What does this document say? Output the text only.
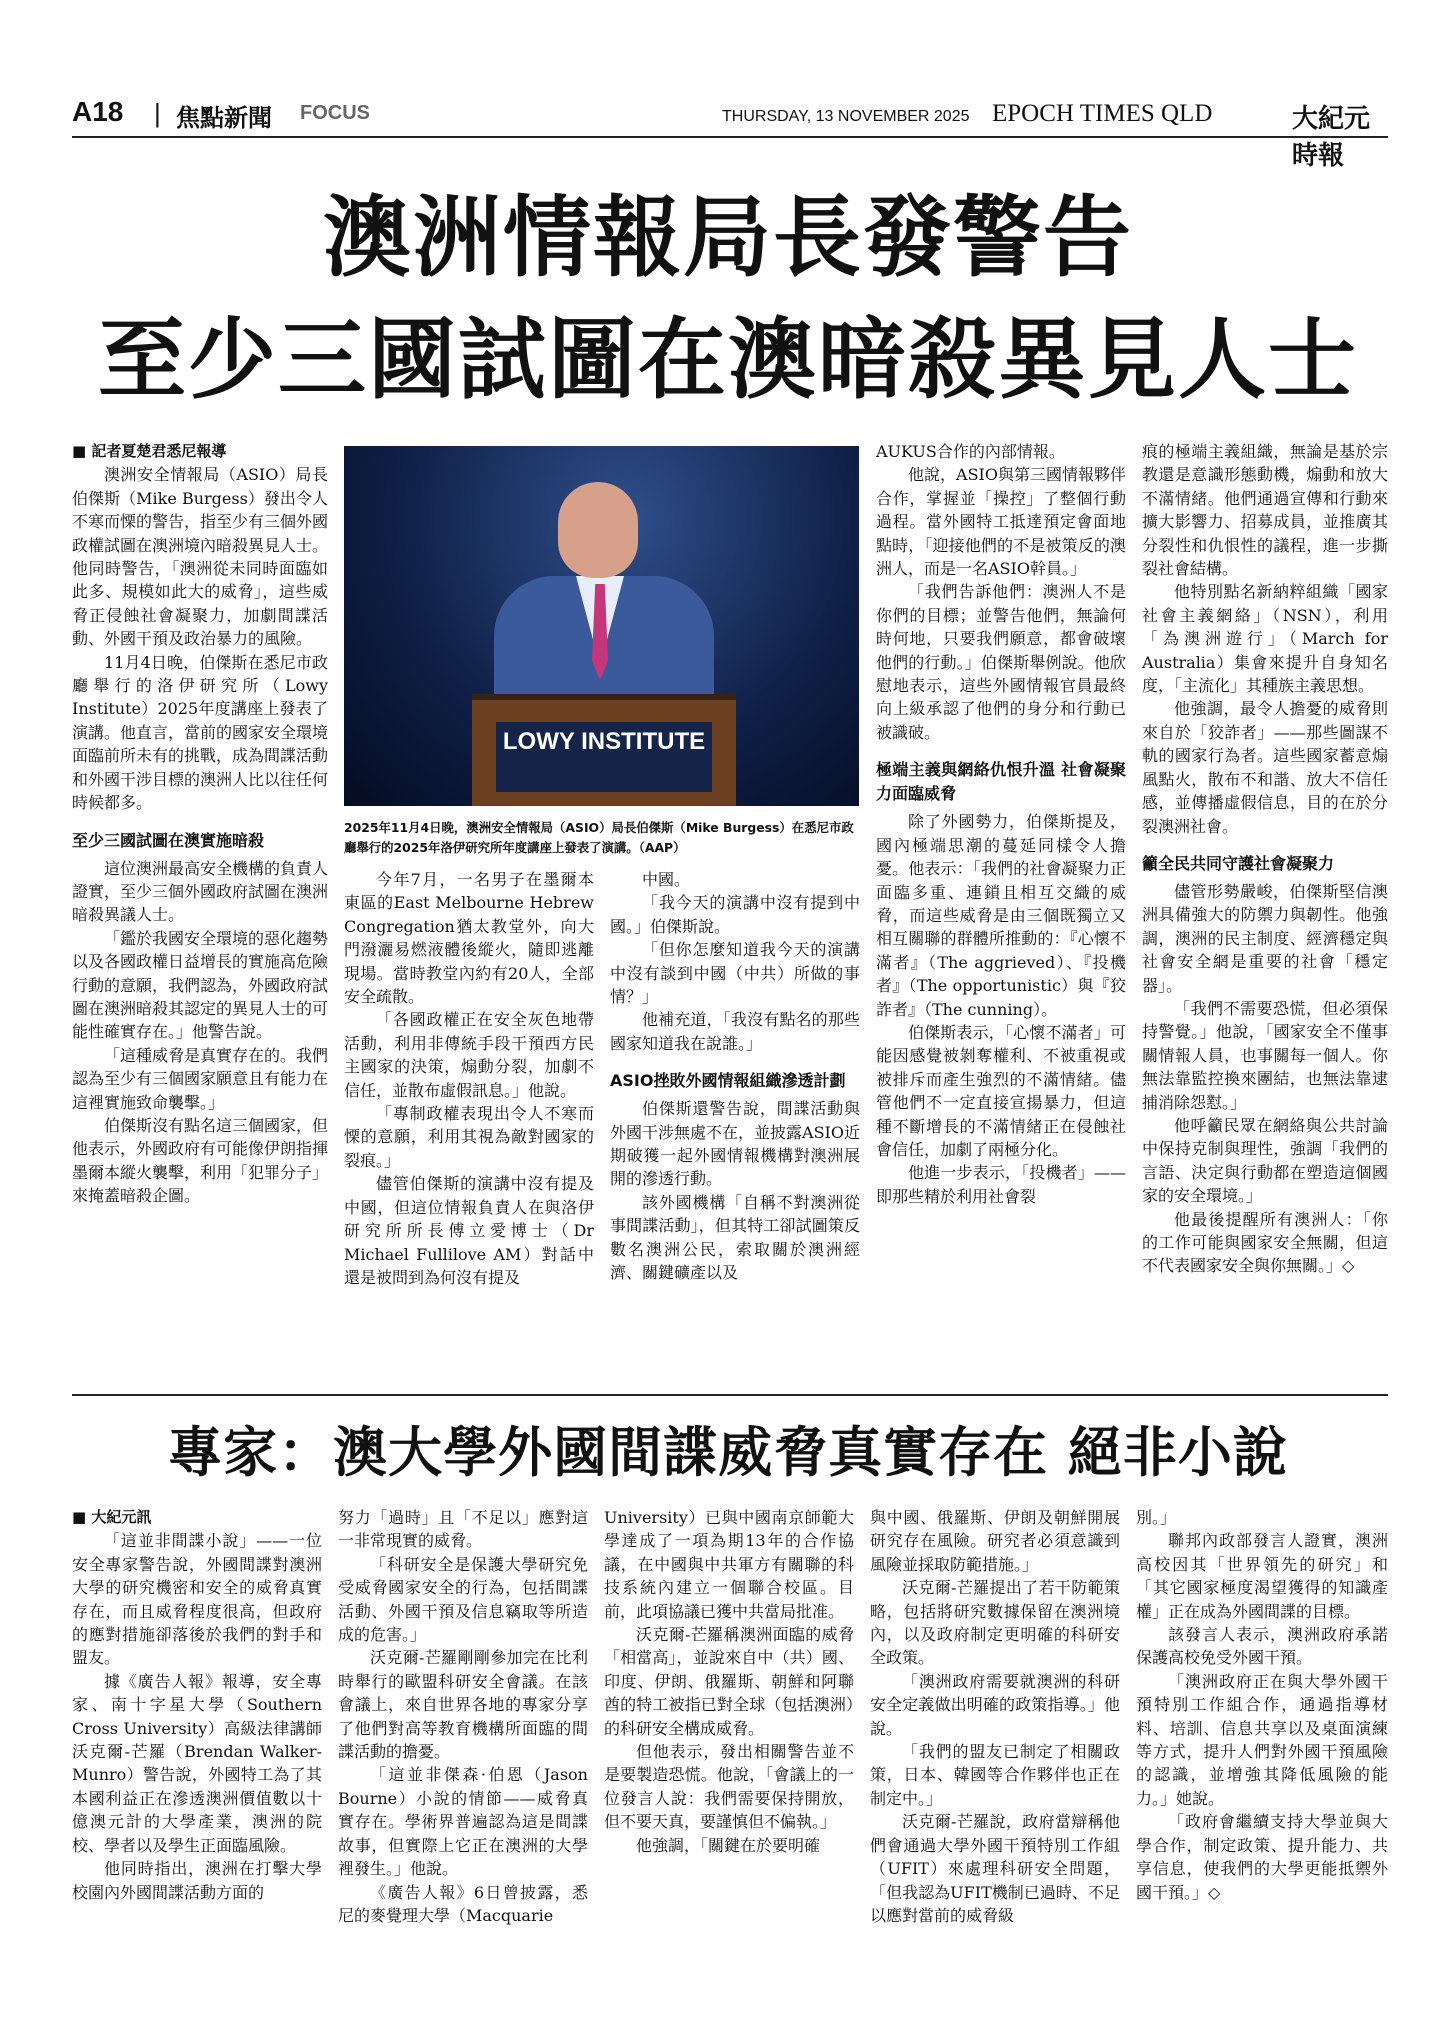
A18 | 焦點新聞 FOCUS	THURSDAY, 13 NOVEMBER 2025 EPOCH TIMES QLD	大紀元時報
澳洲情報局長發警告
至少三國試圖在澳暗殺異見人士

■ 記者夏楚君悉尼報導

澳洲安全情報局（ASIO）局長伯傑斯（Mike Burgess）發出令人不寒而慄的警告，指至少有三個外國政權試圖在澳洲境內暗殺異見人士。他同時警告，「澳洲從未同時面臨如此多、規模如此大的威脅」，這些威脅正侵蝕社會凝聚力，加劇間諜活動、外國干預及政治暴力的風險。

11月4日晚，伯傑斯在悉尼市政廳舉行的洛伊研究所（Lowy Institute）2025年度講座上發表了演講。他直言，當前的國家安全環境面臨前所未有的挑戰，成為間諜活動和外國干涉目標的澳洲人比以往任何時候都多。

至少三國試圖在澳實施暗殺

這位澳洲最高安全機構的負責人證實，至少三個外國政府試圖在澳洲暗殺異議人士。

「鑑於我國安全環境的惡化趨勢以及各國政權日益增長的實施高危險行動的意願，我們認為，外國政府試圖在澳洲暗殺其認定的異見人士的可能性確實存在。」他警告說。

「這種威脅是真實存在的。我們認為至少有三個國家願意且有能力在這裡實施致命襲擊。」

伯傑斯沒有點名這三個國家，但他表示，外國政府有可能像伊朗指揮墨爾本縱火襲擊，利用「犯罪分子」來掩蓋暗殺企圖。

LOWY INSTITUTE
2025年11月4日晚，澳洲安全情報局（ASIO）局長伯傑斯（Mike Burgess）在悉尼市政廳舉行的2025年洛伊研究所年度講座上發表了演講。（AAP）

今年7月，一名男子在墨爾本東區的East Melbourne Hebrew Congregation猶太教堂外，向大門潑灑易燃液體後縱火，隨即逃離現場。當時教堂內約有20人，全部安全疏散。

「各國政權正在安全灰色地帶活動，利用非傳統手段干預西方民主國家的決策，煽動分裂，加劇不信任，並散布虛假訊息。」他說。

「專制政權表現出令人不寒而慄的意願，利用其視為敵對國家的裂痕。」

儘管伯傑斯的演講中沒有提及中國，但這位情報負責人在與洛伊研究所所長傅立愛博士（Dr Michael Fullilove AM）對話中還是被問到為何沒有提及

中國。

「我今天的演講中沒有提到中國。」伯傑斯說。

「但你怎麼知道我今天的演講中沒有談到中國（中共）所做的事情？」

他補充道，「我沒有點名的那些國家知道我在說誰。」

ASIO挫敗外國情報組織滲透計劃

伯傑斯還警告說，間諜活動與外國干涉無處不在，並披露ASIO近期破獲一起外國情報機構對澳洲展開的滲透行動。

該外國機構「自稱不對澳洲從事間諜活動」，但其特工卻試圖策反數名澳洲公民，索取關於澳洲經濟、關鍵礦產以及

AUKUS合作的內部情報。

他說，ASIO與第三國情報夥伴合作，掌握並「操控」了整個行動過程。當外國特工抵達預定會面地點時，「迎接他們的不是被策反的澳洲人，而是一名ASIO幹員。」

「我們告訴他們：澳洲人不是你們的目標；並警告他們，無論何時何地，只要我們願意，都會破壞他們的行動。」伯傑斯舉例說。他欣慰地表示，這些外國情報官員最終向上級承認了他們的身分和行動已被識破。

極端主義與網絡仇恨升溫 社會凝聚力面臨威脅

除了外國勢力，伯傑斯提及，國內極端思潮的蔓延同樣令人擔憂。他表示：「我們的社會凝聚力正面臨多重、連鎖且相互交織的威脅，而這些威脅是由三個既獨立又相互關聯的群體所推動的：『心懷不滿者』（The aggrieved）、『投機者』（The opportunistic）與『狡詐者』（The cunning）。

伯傑斯表示，「心懷不滿者」可能因感覺被剝奪權利、不被重視或被排斥而產生強烈的不滿情緒。儘管他們不一定直接宣揚暴力，但這種不斷增長的不滿情緒正在侵蝕社會信任，加劇了兩極分化。

他進一步表示，「投機者」——即那些精於利用社會裂

痕的極端主義組織，無論是基於宗教還是意識形態動機，煽動和放大不滿情緒。他們通過宣傳和行動來擴大影響力、招募成員，並推廣其分裂性和仇恨性的議程，進一步撕裂社會結構。

他特別點名新納粹組織「國家社會主義網絡」（NSN），利用「為澳洲遊行」（March for Australia）集會來提升自身知名度，「主流化」其種族主義思想。

他強調，最令人擔憂的威脅則來自於「狡詐者」——那些圖謀不軌的國家行為者。這些國家蓄意煽風點火，散布不和諧、放大不信任感，並傳播虛假信息，目的在於分裂澳洲社會。

籲全民共同守護社會凝聚力

儘管形勢嚴峻，伯傑斯堅信澳洲具備強大的防禦力與韌性。他強調，澳洲的民主制度、經濟穩定與社會安全網是重要的社會「穩定器」。

「我們不需要恐慌，但必須保持警覺。」他說，「國家安全不僅事關情報人員，也事關每一個人。你無法靠監控換來團結，也無法靠逮捕消除怨懟。」

他呼籲民眾在網絡與公共討論中保持克制與理性，強調「我們的言語、決定與行動都在塑造這個國家的安全環境。」

他最後提醒所有澳洲人：「你的工作可能與國家安全無關，但這不代表國家安全與你無關。」◇

專家：澳大學外國間諜威脅真實存在 絕非小說

■ 大紀元訊

「這並非間諜小說」——一位安全專家警告說，外國間諜對澳洲大學的研究機密和安全的威脅真實存在，而且威脅程度很高，但政府的應對措施卻落後於我們的對手和盟友。

據《廣告人報》報導，安全專家、南十字星大學（Southern Cross University）高級法律講師沃克爾-芒羅（Brendan Walker-Munro）警告說，外國特工為了其本國利益正在滲透澳洲價值數以十億澳元計的大學產業，澳洲的院校、學者以及學生正面臨風險。

他同時指出，澳洲在打擊大學校園內外國間諜活動方面的

努力「過時」且「不足以」應對這一非常現實的威脅。

「科研安全是保護大學研究免受威脅國家安全的行為，包括間諜活動、外國干預及信息竊取等所造成的危害。」

沃克爾-芒羅剛剛參加完在比利時舉行的歐盟科研安全會議。在該會議上，來自世界各地的專家分享了他們對高等教育機構所面臨的間諜活動的擔憂。

「這並非傑森·伯恩（Jason Bourne）小說的情節——威脅真實存在。學術界普遍認為這是間諜故事，但實際上它正在澳洲的大學裡發生。」他說。

《廣告人報》6日曾披露，悉尼的麥覺理大學（Macquarie

University）已與中國南京師範大學達成了一項為期13年的合作協議，在中國與中共軍方有關聯的科技系統內建立一個聯合校區。目前，此項協議已獲中共當局批准。

沃克爾-芒羅稱澳洲面臨的威脅「相當高」，並說來自中（共）國、印度、伊朗、俄羅斯、朝鮮和阿聯酋的特工被指已對全球（包括澳洲）的科研安全構成威脅。

但他表示，發出相關警告並不是要製造恐慌。他說，「會議上的一位發言人說：我們需要保持開放，但不要天真，要謹慎但不偏執。」

他強調，「關鍵在於要明確

與中國、俄羅斯、伊朗及朝鮮開展研究存在風險。研究者必須意識到風險並採取防範措施。」

沃克爾-芒羅提出了若干防範策略，包括將研究數據保留在澳洲境內，以及政府制定更明確的科研安全政策。

「澳洲政府需要就澳洲的科研安全定義做出明確的政策指導。」他說。

「我們的盟友已制定了相關政策，日本、韓國等合作夥伴也正在制定中。」

沃克爾-芒羅說，政府當辯稱他們會通過大學外國干預特別工作組（UFIT）來處理科研安全問題，「但我認為UFIT機制已過時、不足以應對當前的威脅級

別。」

聯邦內政部發言人證實，澳洲高校因其「世界領先的研究」和「其它國家極度渴望獲得的知識產權」正在成為外國間諜的目標。

該發言人表示，澳洲政府承諾保護高校免受外國干預。

「澳洲政府正在與大學外國干預特別工作組合作，通過指導材料、培訓、信息共享以及桌面演練等方式，提升人們對外國干預風險的認識，並增強其降低風險的能力。」她說。

「政府會繼續支持大學並與大學合作，制定政策、提升能力、共享信息，使我們的大學更能抵禦外國干預。」◇
